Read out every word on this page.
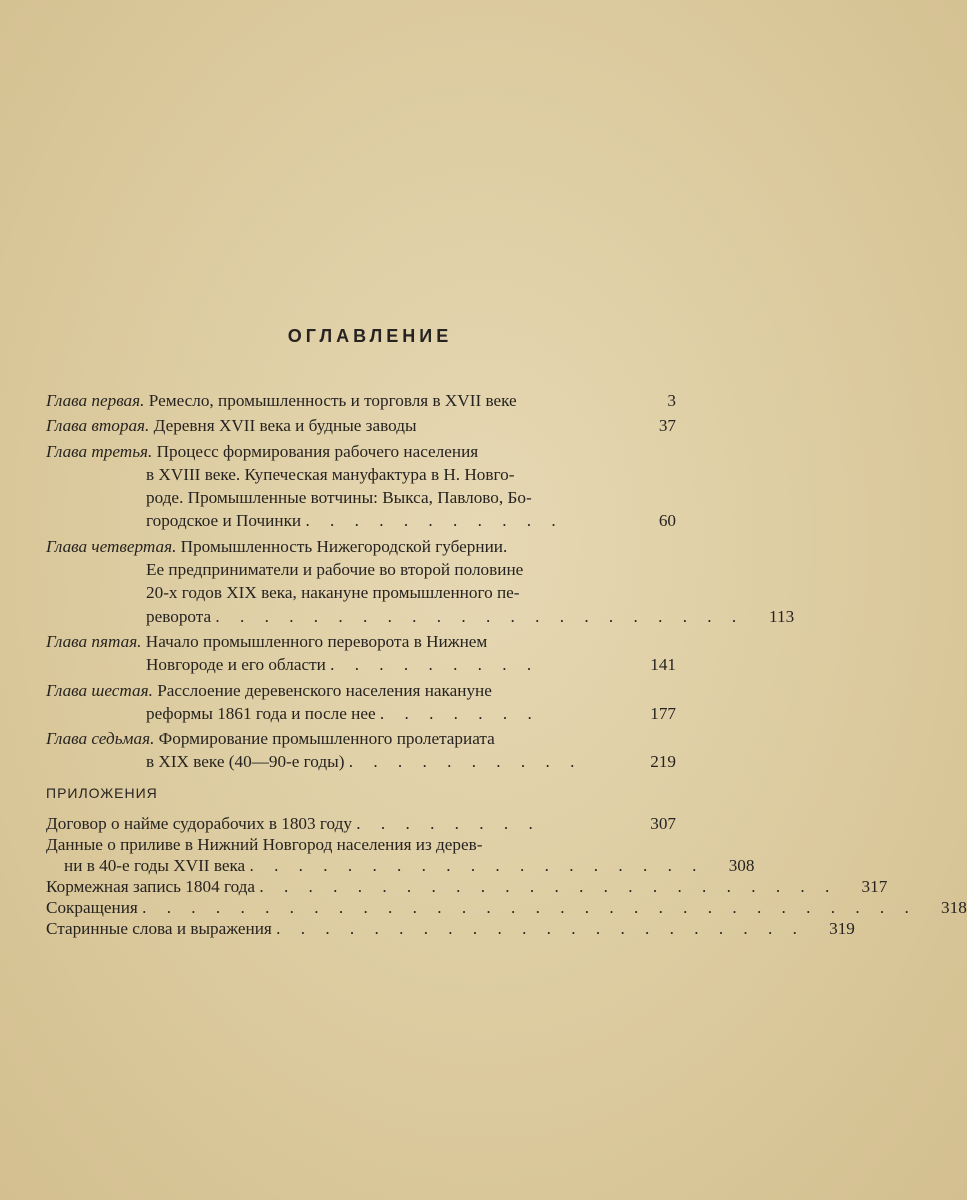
ОГЛАВЛЕНИЕ
Глава первая. Ремесло, промышленность и торговля в XVII веке	3
Глава вторая. Деревня XVII века и будные заводы	37
Глава третья. Процесс формирования рабочего населения
в XVIII веке. Купеческая мануфактура в Н. Новго-
роде. Промышленные вотчины: Выкса, Павлово, Бо-
городское и Починки . . . . . . . . . . .	60
Глава четвертая. Промышленность Нижегородской губернии.
Ее предприниматели и рабочие во второй половине
20-х годов XIX века, накануне промышленного пе-
реворота . . . . . . . . . . . . . . . . . . . . . .	113
Глава пятая. Начало промышленного переворота в Нижнем
Новгороде и его области . . . . . . . . .	141
Глава шестая. Расслоение деревенского населения накануне
реформы 1861 года и после нее . . . . . . .	177
Глава седьмая. Формирование промышленного пролетариата
в XIX веке (40—90-е годы) . . . . . . . . . .	219
ПРИЛОЖЕНИЯ
Договор о найме судорабочих в 1803 году . . . . . . . .	307
Данные о приливе в Нижний Новгород населения из дерев-
ни в 40-е годы XVII века . . . . . . . . . . . . . . . . . . .	308
Кормежная запись 1804 года . . . . . . . . . . . . . . . . . . . . . . . .	317
Сокращения . . . . . . . . . . . . . . . . . . . . . . . . . . . . . . . .	318
Старинные слова и выражения . . . . . . . . . . . . . . . . . . . . . .	319
